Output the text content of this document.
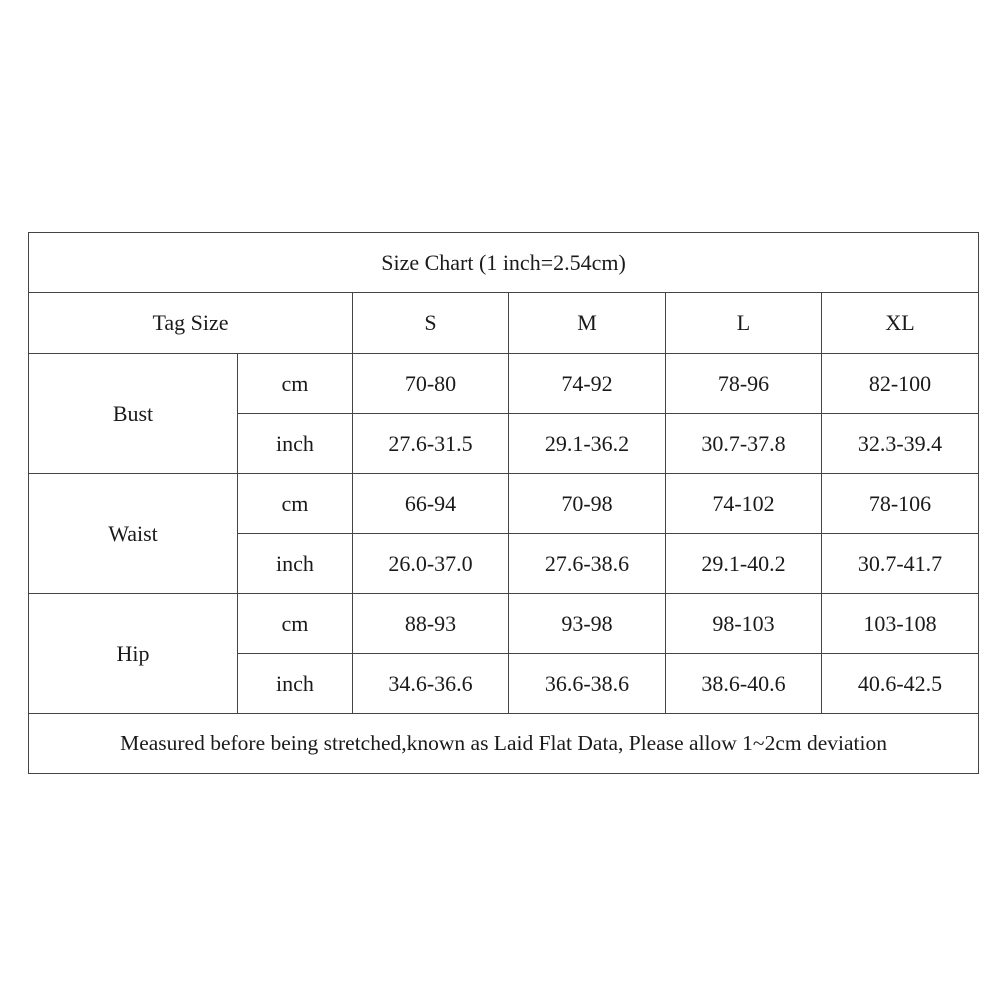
Size Chart (1 inch=2.54cm)					
Tag Size		S	M	L	XL
Bust	cm	70-80	74-92	78-96	82-100
	inch	27.6-31.5	29.1-36.2	30.7-37.8	32.3-39.4
Waist	cm	66-94	70-98	74-102	78-106
	inch	26.0-37.0	27.6-38.6	29.1-40.2	30.7-41.7
Hip	cm	88-93	93-98	98-103	103-108
	inch	34.6-36.6	36.6-38.6	38.6-40.6	40.6-42.5
Measured before being stretched,known as Laid Flat Data, Please allow 1~2cm deviation					
